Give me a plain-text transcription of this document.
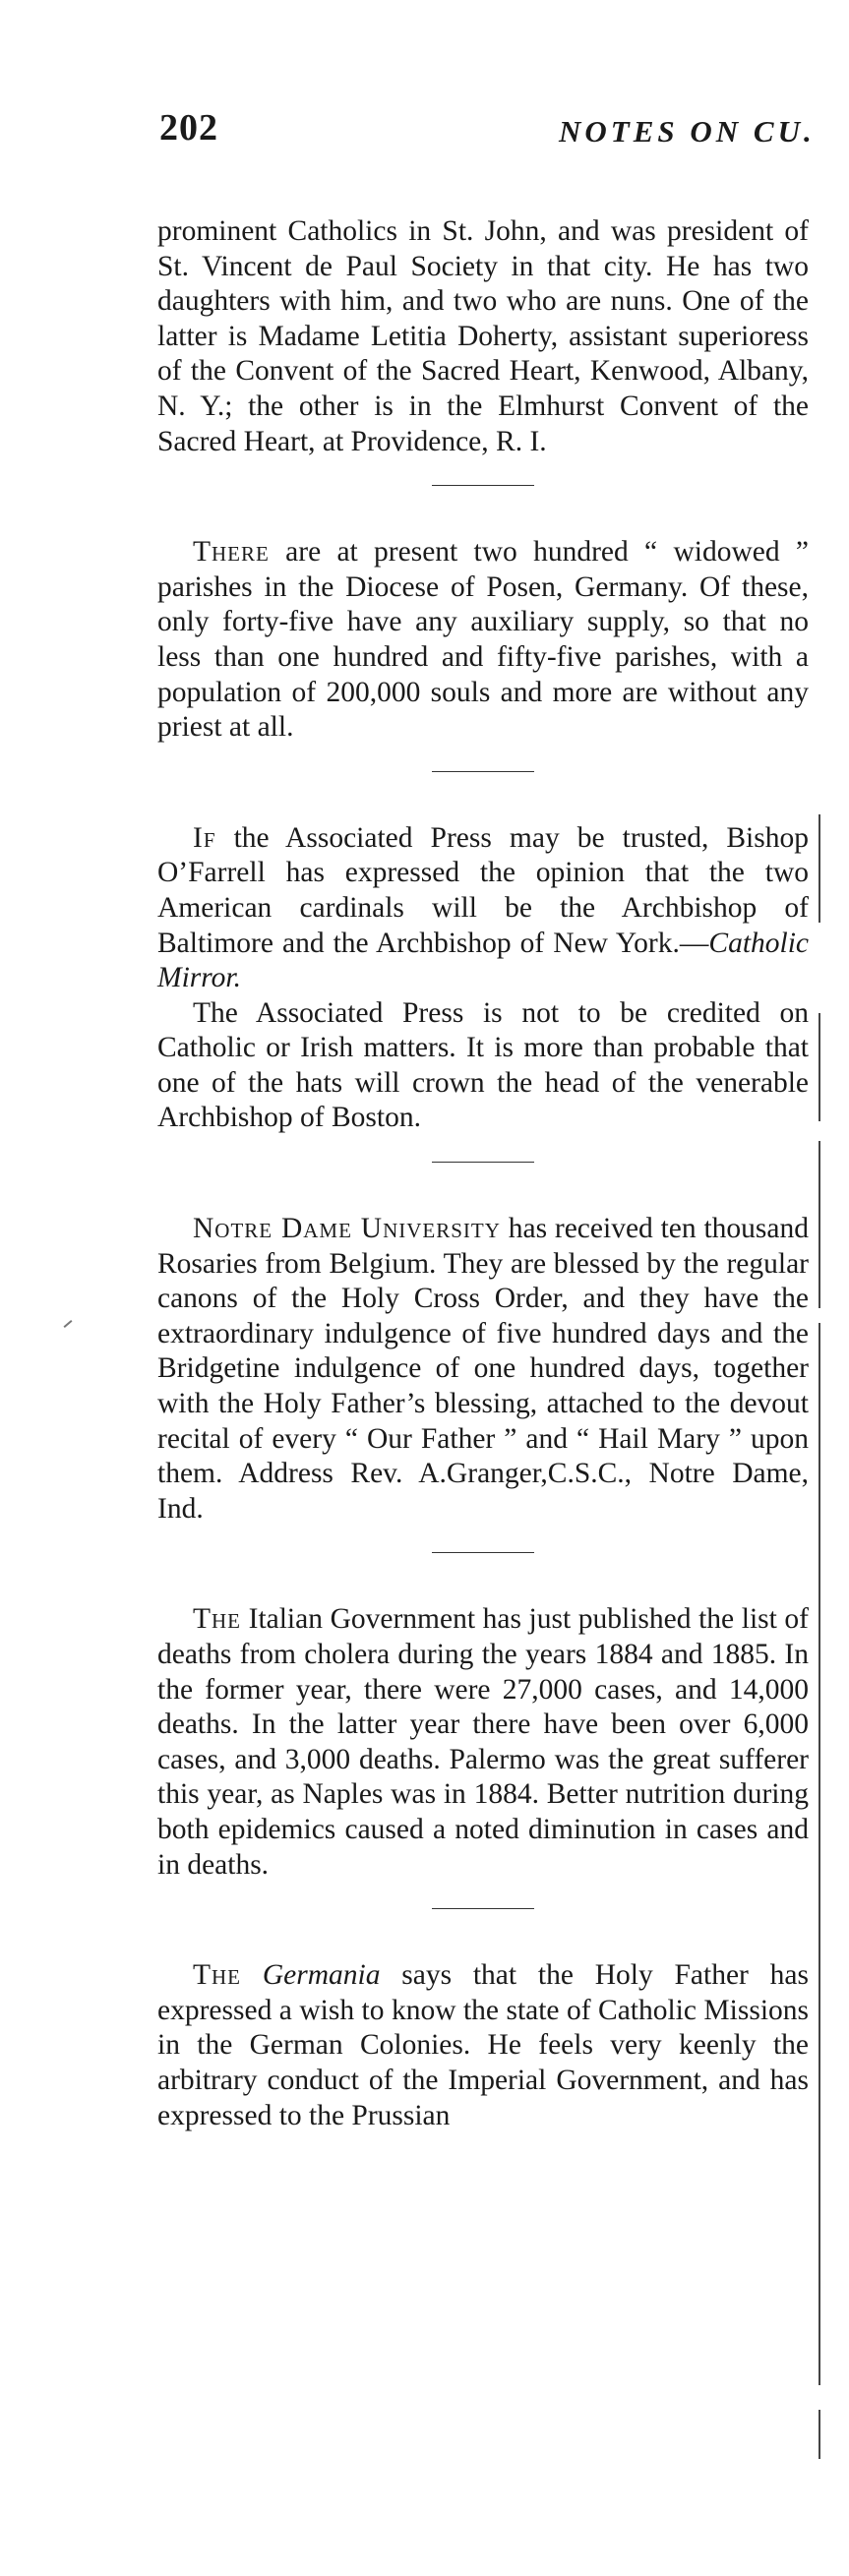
202	NOTES ON CU.

prominent Catholics in St. John, and was president of St. Vincent de Paul Society in that city. He has two daughters with him, and two who are nuns. One of the latter is Madame Letitia Doherty, assistant superioress of the Convent of the Sacred Heart, Kenwood, Albany, N. Y.; the other is in the Elmhurst Convent of the Sacred Heart, at Providence, R. I.

There are at present two hundred “ widowed ” parishes in the Diocese of Posen, Germany. Of these, only forty-five have any auxiliary supply, so that no less than one hundred and fifty-five parishes, with a population of 200,000 souls and more are without any priest at all.

If the Associated Press may be trusted, Bishop O’Farrell has expressed the opinion that the two American cardinals will be the Archbishop of Baltimore and the Archbishop of New York.—Catholic Mirror.

The Associated Press is not to be credited on Catholic or Irish matters. It is more than probable that one of the hats will crown the head of the venerable Archbishop of Boston.

Notre Dame University has received ten thousand Rosaries from Belgium. They are blessed by the regular canons of the Holy Cross Order, and they have the extraordinary indulgence of five hundred days and the Bridgetine indulgence of one hundred days, together with the Holy Father’s blessing, attached to the devout recital of every “ Our Father ” and “ Hail Mary ” upon them. Address Rev. A.Granger,C.S.C., Notre Dame, Ind.

The Italian Government has just published the list of deaths from cholera during the years 1884 and 1885. In the former year, there were 27,000 cases, and 14,000 deaths. In the latter year there have been over 6,000 cases, and 3,000 deaths. Palermo was the great sufferer this year, as Naples was in 1884. Better nutrition during both epidemics caused a noted diminution in cases and in deaths.

The Germania says that the Holy Father has expressed a wish to know the state of Catholic Missions in the German Colonies. He feels very keenly the arbitrary conduct of the Imperial Government, and has expressed to the Prussian
